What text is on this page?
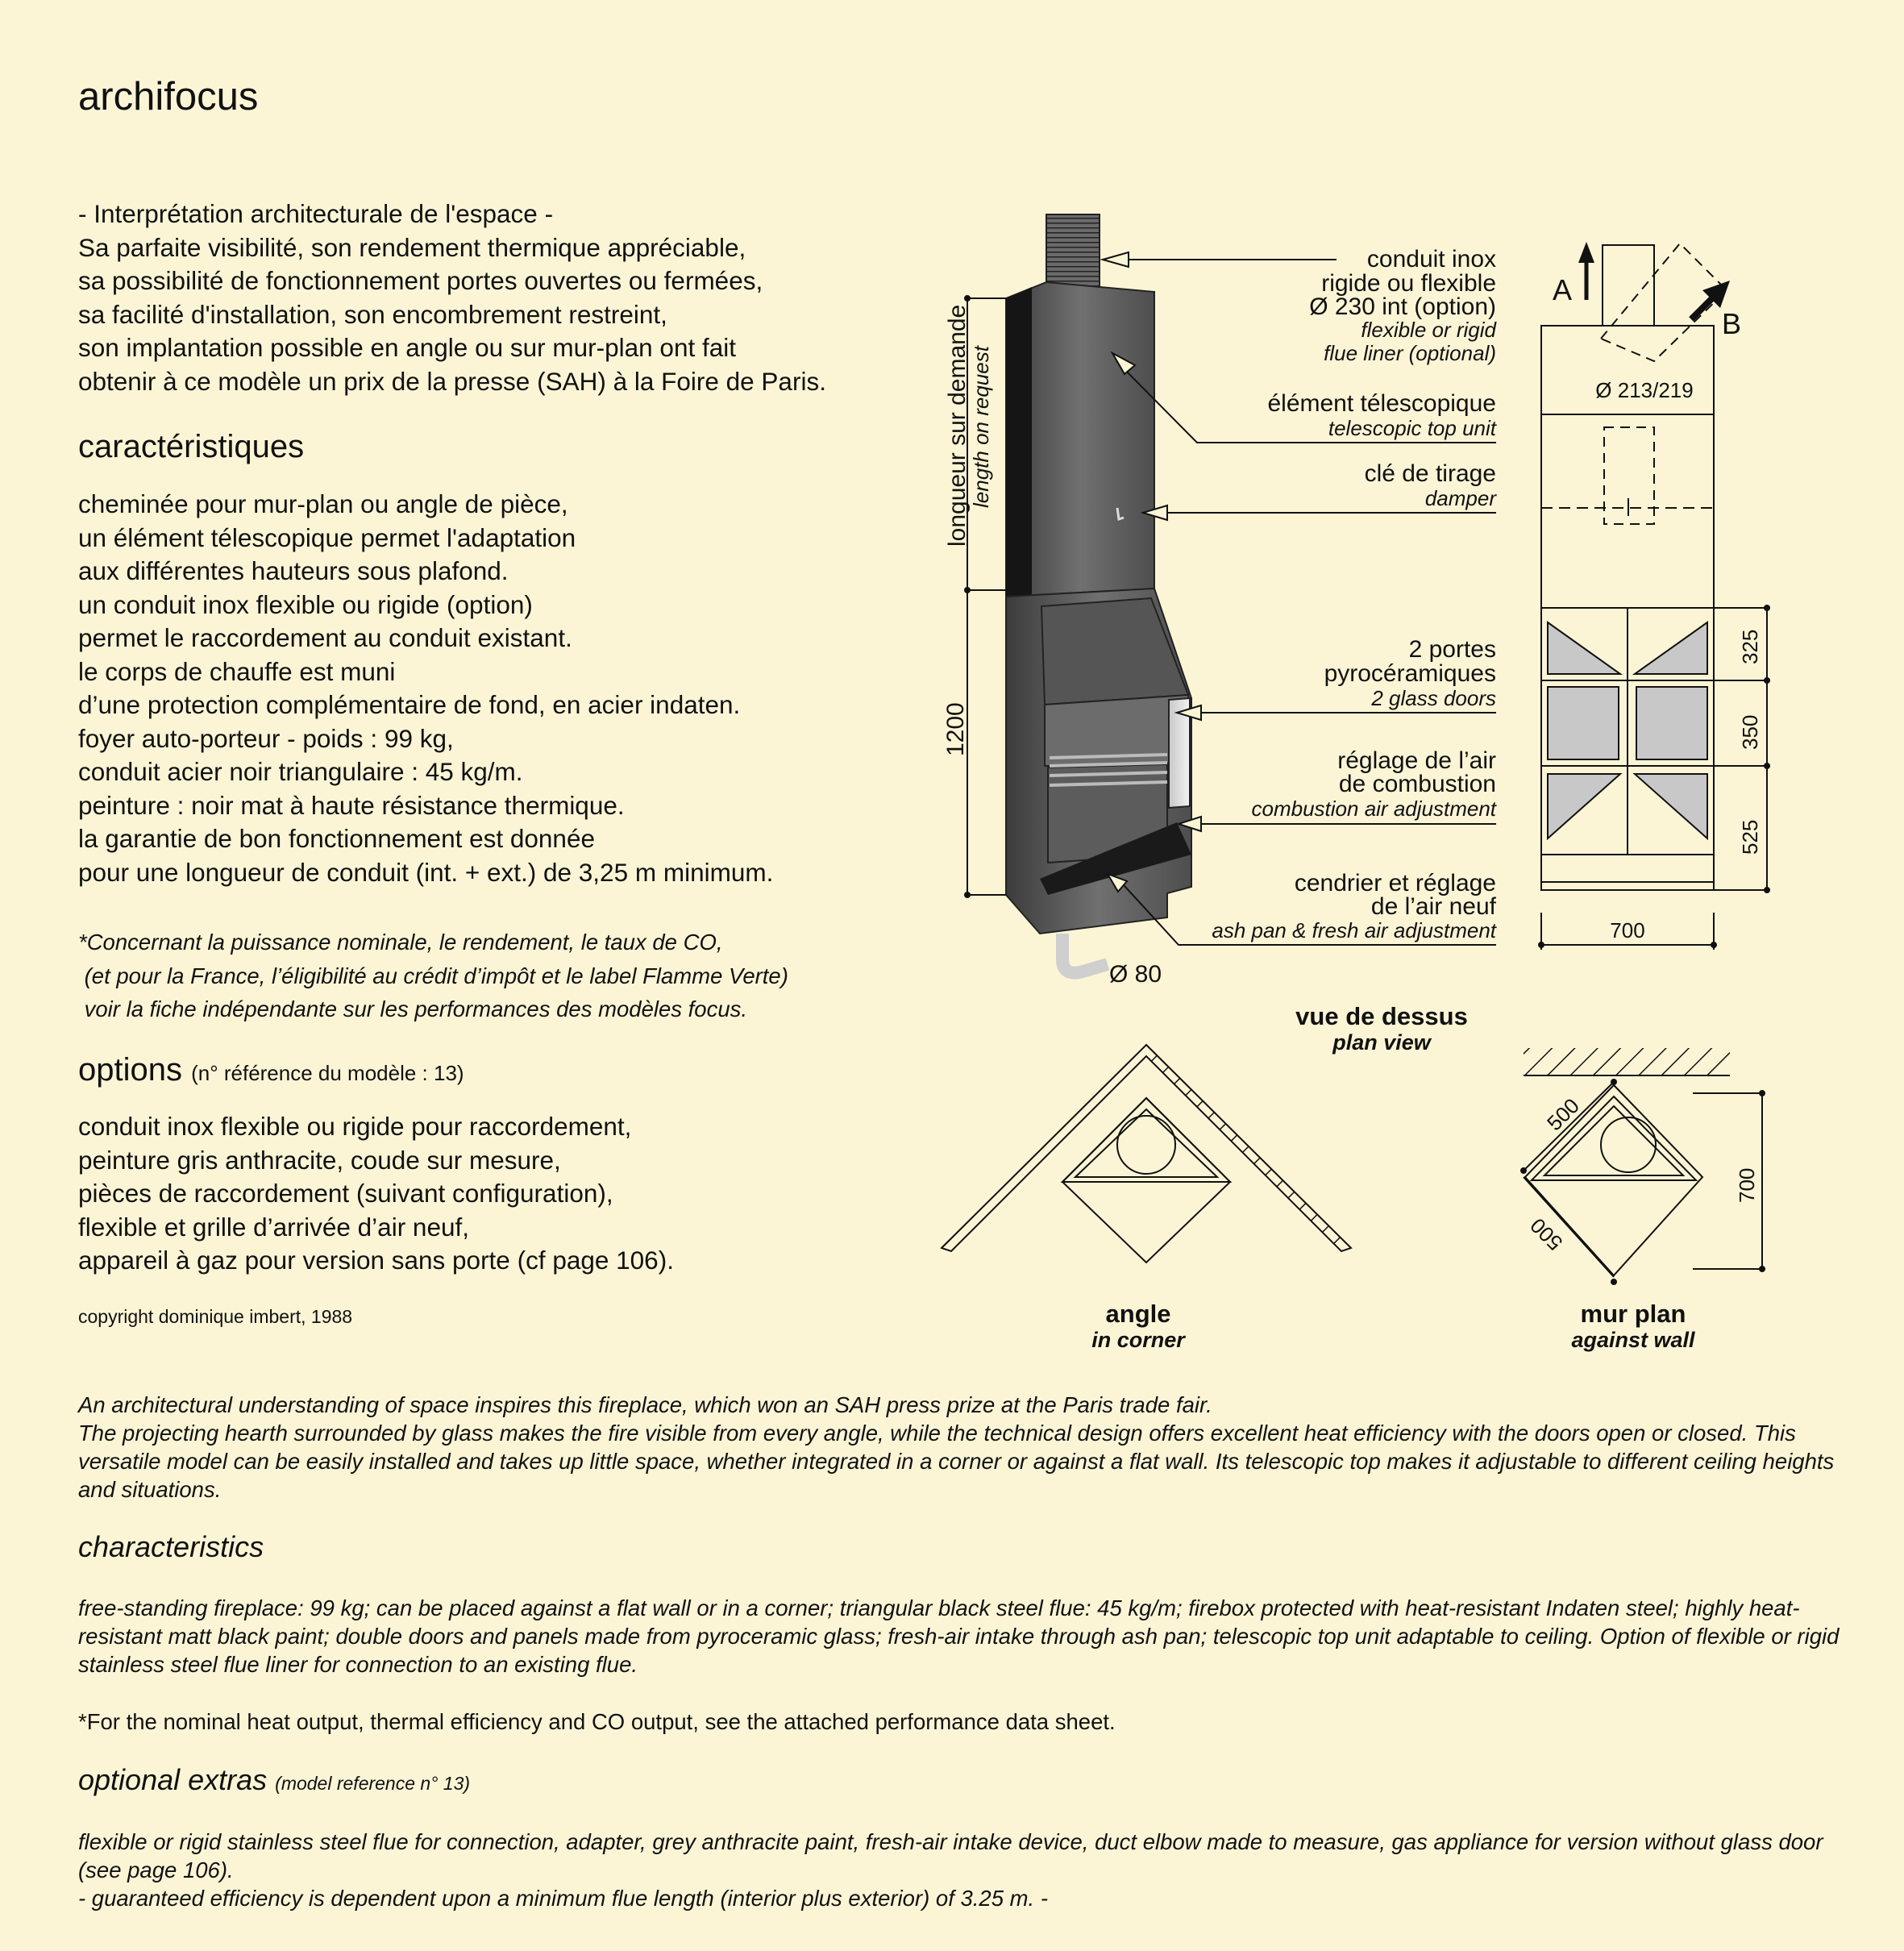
archifocus
- Interprétation architecturale de l'espace -
Sa parfaite visibilité, son rendement thermique appréciable,
sa possibilité de fonctionnement portes ouvertes ou fermées,
sa facilité d'installation, son encombrement restreint,
son implantation possible en angle ou sur mur-plan ont fait
obtenir à ce modèle un prix de la presse (SAH) à la Foire de Paris.
caractéristiques
cheminée pour mur-plan ou angle de pièce,
un élément télescopique permet l'adaptation
aux différentes hauteurs sous plafond.
un conduit inox flexible ou rigide (option)
permet le raccordement au conduit existant.
le corps de chauffe est muni
d’une protection complémentaire de fond, en acier indaten.
foyer auto-porteur - poids : 99 kg,
conduit acier noir triangulaire : 45 kg/m.
peinture : noir mat à haute résistance thermique.
la garantie de bon fonctionnement est donnée
pour une longueur de conduit (int. + ext.) de 3,25 m minimum.
*Concernant la puissance nominale, le rendement, le taux de CO,
(et pour la France, l’éligibilité au crédit d’impôt et le label Flamme Verte)
voir la fiche indépendante sur les performances des modèles focus.
options (n° référence du modèle : 13)
conduit inox flexible ou rigide pour raccordement,
peinture gris anthracite, coude sur mesure,
pièces de raccordement (suivant configuration),
flexible et grille d’arrivée d’air neuf,
appareil à gaz pour version sans porte (cf page 106).
copyright dominique imbert, 1988
longueur sur demande
length on request
1200
Ø 80
conduit inox
rigide ou flexible
Ø 230 int (option)
flexible or rigid
flue liner (optional)
élément télescopique
telescopic top unit
clé de tirage
damper
2 portes
pyrocéramiques
2 glass doors
réglage de l’air
de combustion
combustion air adjustment
cendrier et réglage
de l’air neuf
ash pan & fresh air adjustment
A
B
Ø 213/219
325
350
525
700
vue de dessus
plan view
angle
in corner
500
500
700
mur plan
against wall

An architectural understanding of space inspires this fireplace, which won an SAH press prize at the Paris trade fair.

The projecting hearth surrounded by glass makes the fire visible from every angle, while the technical design offers excellent heat efficiency with the doors open or closed. This versatile model can be easily installed and takes up little space, whether integrated in a corner or against a flat wall. Its telescopic top makes it adjustable to different ceiling heights and situations.

characteristics
free-standing fireplace: 99 kg; can be placed against a flat wall or in a corner; triangular black steel flue: 45 kg/m; firebox protected with heat-resistant Indaten steel; highly heat-resistant matt black paint; double doors and panels made from pyroceramic glass; fresh-air intake through ash pan; telescopic top unit adaptable to ceiling. Option of flexible or rigid stainless steel flue liner for connection to an existing flue.
*For the nominal heat output, thermal efficiency and CO output, see the attached performance data sheet.
optional extras (model reference n° 13)

flexible or rigid stainless steel flue for connection, adapter, grey anthracite paint, fresh-air intake device, duct elbow made to measure, gas appliance for version without glass door (see page 106).

- guaranteed efficiency is dependent upon a minimum flue length (interior plus exterior) of 3.25 m. -
